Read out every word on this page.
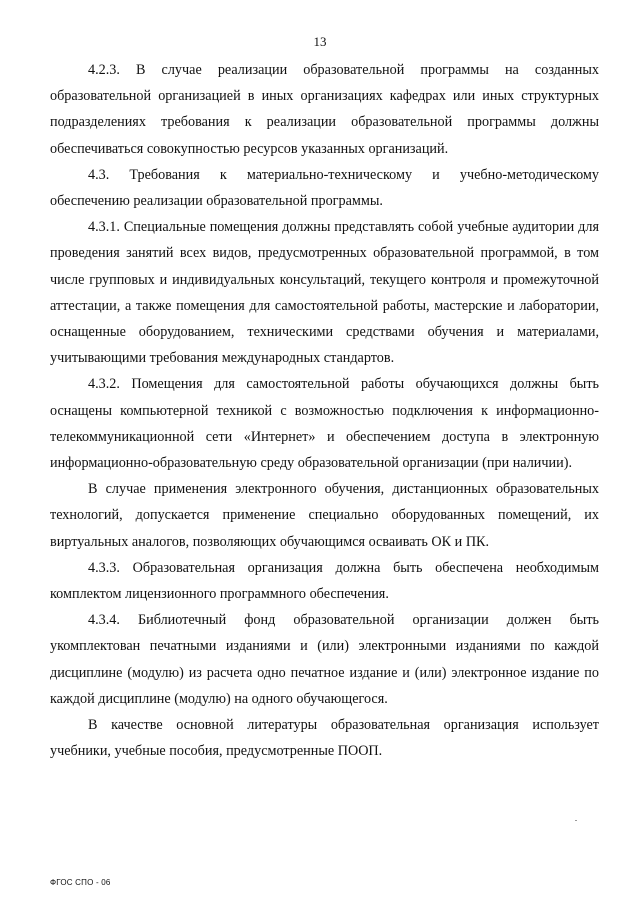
13

4.2.3. В случае реализации образовательной программы на созданных образовательной организацией в иных организациях кафедрах или иных структурных подразделениях требования к реализации образовательной программы должны обеспечиваться совокупностью ресурсов указанных организаций.

4.3. Требования к материально-техническому и учебно-методическому обеспечению реализации образовательной программы.

4.3.1. Специальные помещения должны представлять собой учебные аудитории для проведения занятий всех видов, предусмотренных образовательной программой, в том числе групповых и индивидуальных консультаций, текущего контроля и промежуточной аттестации, а также помещения для самостоятельной работы, мастерские и лаборатории, оснащенные оборудованием, техническими средствами обучения и материалами, учитывающими требования международных стандартов.

4.3.2. Помещения для самостоятельной работы обучающихся должны быть оснащены компьютерной техникой с возможностью подключения к информационно-телекоммуникационной сети «Интернет» и обеспечением доступа в электронную информационно-образовательную среду образовательной организации (при наличии).

В случае применения электронного обучения, дистанционных образовательных технологий, допускается применение специально оборудованных помещений, их виртуальных аналогов, позволяющих обучающимся осваивать ОК и ПК.

4.3.3. Образовательная организация должна быть обеспечена необходимым комплектом лицензионного программного обеспечения.

4.3.4. Библиотечный фонд образовательной организации должен быть укомплектован печатными изданиями и (или) электронными изданиями по каждой дисциплине (модулю) из расчета одно печатное издание и (или) электронное издание по каждой дисциплине (модулю) на одного обучающегося.

В качестве основной литературы образовательная организация использует учебники, учебные пособия, предусмотренные ПООП.

ФГОС СПО - 06
